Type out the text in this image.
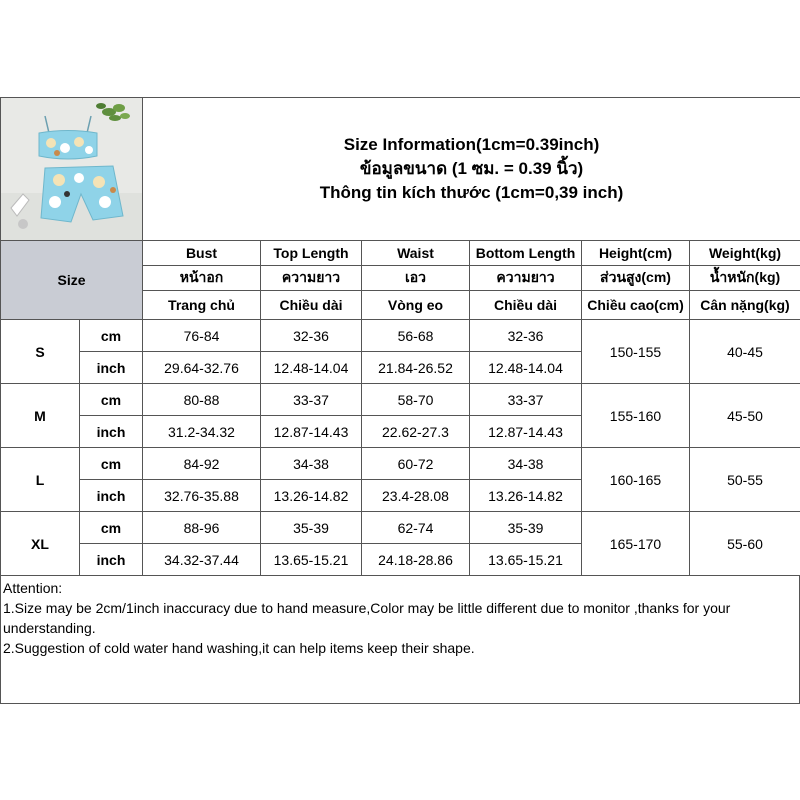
Size Information(1cm=0.39inch)
ข้อมูลขนาด (1 ซม. = 0.39 นิ้ว)
Thông tin kích thước (1cm=0,39 inch)					

Size		Bust	Top Length	Waist	Bottom Length	Height(cm)	Weight(kg)
		หน้าอก	ความยาว	เอว	ความยาว	ส่วนสูง(cm)	น้ำหนัก(kg)
		Trang chủ	Chiều dài	Vòng eo	Chiều dài	Chiều cao(cm)	Cân nặng(kg)
S	cm	76-84	32-36	56-68	32-36	150-155	40-45
	inch	29.64-32.76	12.48-14.04	21.84-26.52	12.48-14.04		
M	cm	80-88	33-37	58-70	33-37	155-160	45-50
	inch	31.2-34.32	12.87-14.43	22.62-27.3	12.87-14.43		
L	cm	84-92	34-38	60-72	34-38	160-165	50-55
	inch	32.76-35.88	13.26-14.82	23.4-28.08	13.26-14.82		
XL	cm	88-96	35-39	62-74	35-39	165-170	55-60
	inch	34.32-37.44	13.65-15.21	24.18-28.86	13.65-15.21		
Attention:
1.Size may be 2cm/1inch inaccuracy due to hand measure,Color may be little different due to monitor ,thanks for your understanding.
2.Suggestion of cold water hand washing,it can help items keep their shape.
